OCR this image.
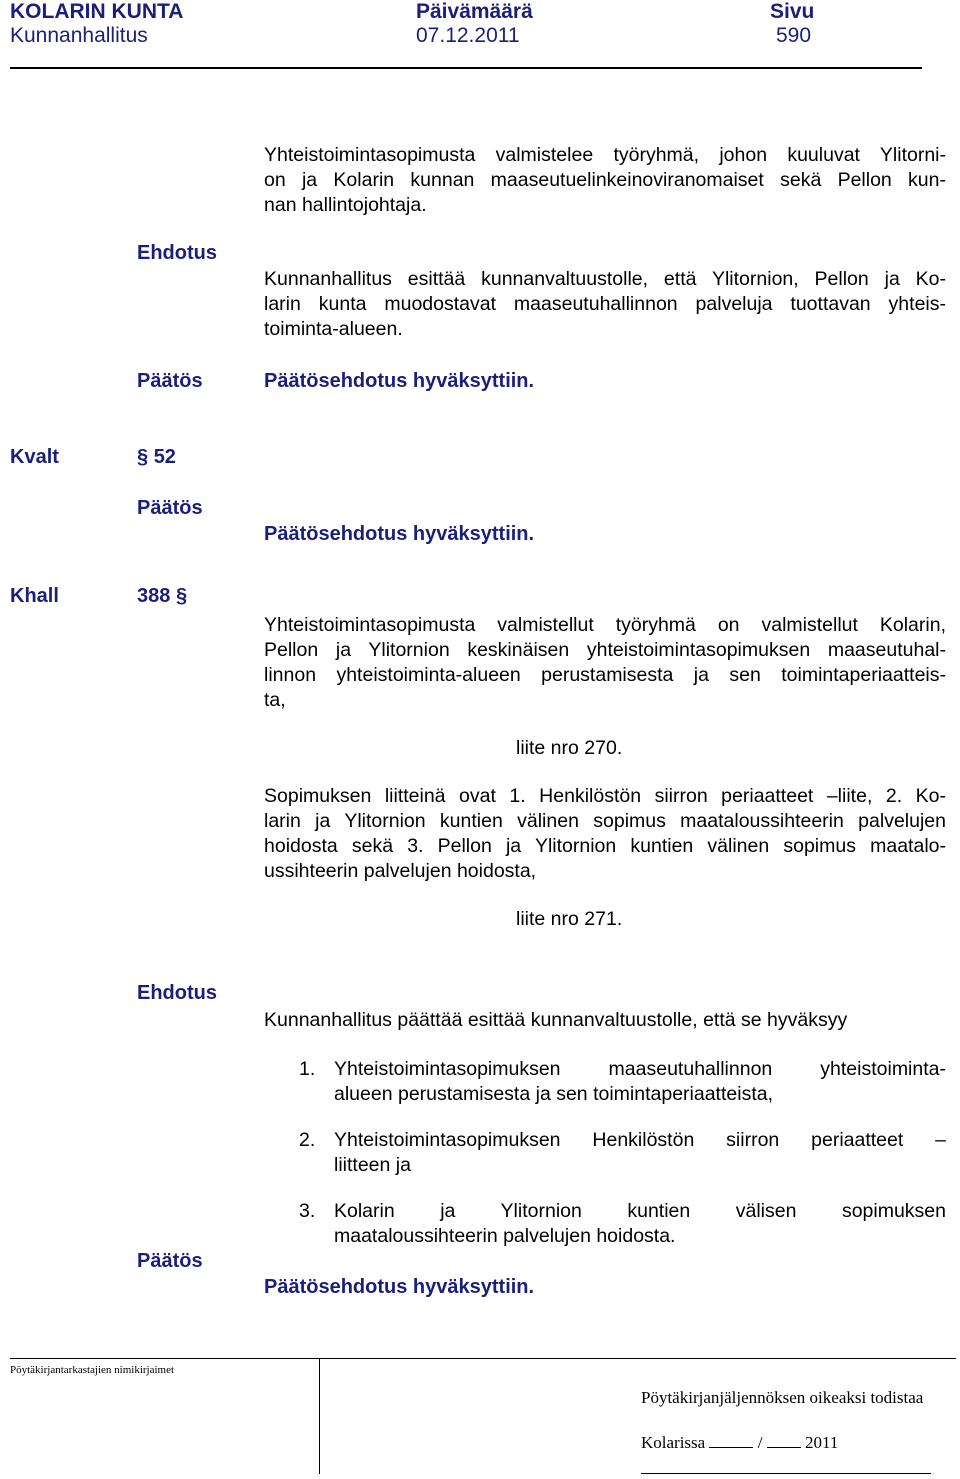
KOLARIN KUNTA
Kunnanhallitus
Päivämäärä
07.12.2011
Sivu
590
Yhteistoimintasopimusta valmistelee työryhmä, johon kuuluvat Ylitorni-
on ja Kolarin kunnan maaseutuelinkeinoviranomaiset sekä Pellon kun-
nan hallintojohtaja.
Ehdotus
Kunnanhallitus esittää kunnanvaltuustolle, että Ylitornion, Pellon ja Ko-
larin kunta muodostavat maaseutuhallinnon palveluja tuottavan yhteis-
toiminta-alueen.
Päätös	Päätösehdotus hyväksyttiin.
Kvalt	§ 52
Päätös
Päätösehdotus hyväksyttiin.
Khall	388 §
Yhteistoimintasopimusta valmistellut työryhmä on valmistellut Kolarin,
Pellon ja Ylitornion keskinäisen yhteistoimintasopimuksen maaseutuhal-
linnon yhteistoiminta-alueen perustamisesta ja sen toimintaperiaatteis-
ta,
liite nro 270.
Sopimuksen liitteinä ovat 1. Henkilöstön siirron periaatteet –liite, 2. Ko-
larin ja Ylitornion kuntien välinen sopimus maataloussihteerin palvelujen
hoidosta sekä 3. Pellon ja Ylitornion kuntien välinen sopimus maatalo-
ussihteerin palvelujen hoidosta,
liite nro 271.
Ehdotus
Kunnanhallitus päättää esittää kunnanvaltuustolle, että se hyväksyy
1. Yhteistoimintasopimuksen maaseutuhallinnon yhteistoiminta-
alueen perustamisesta ja sen toimintaperiaatteista,
2. Yhteistoimintasopimuksen Henkilöstön siirron periaatteet –
liitteen ja
3. Kolarin ja Ylitornion kuntien välisen sopimuksen
maataloussihteerin palvelujen hoidosta.
Päätös
Päätösehdotus hyväksyttiin.
Pöytäkirjantarkastajien nimikirjaimet
Pöytäkirjanjäljennöksen oikeaksi todistaa
Kolarissa	/	2011
